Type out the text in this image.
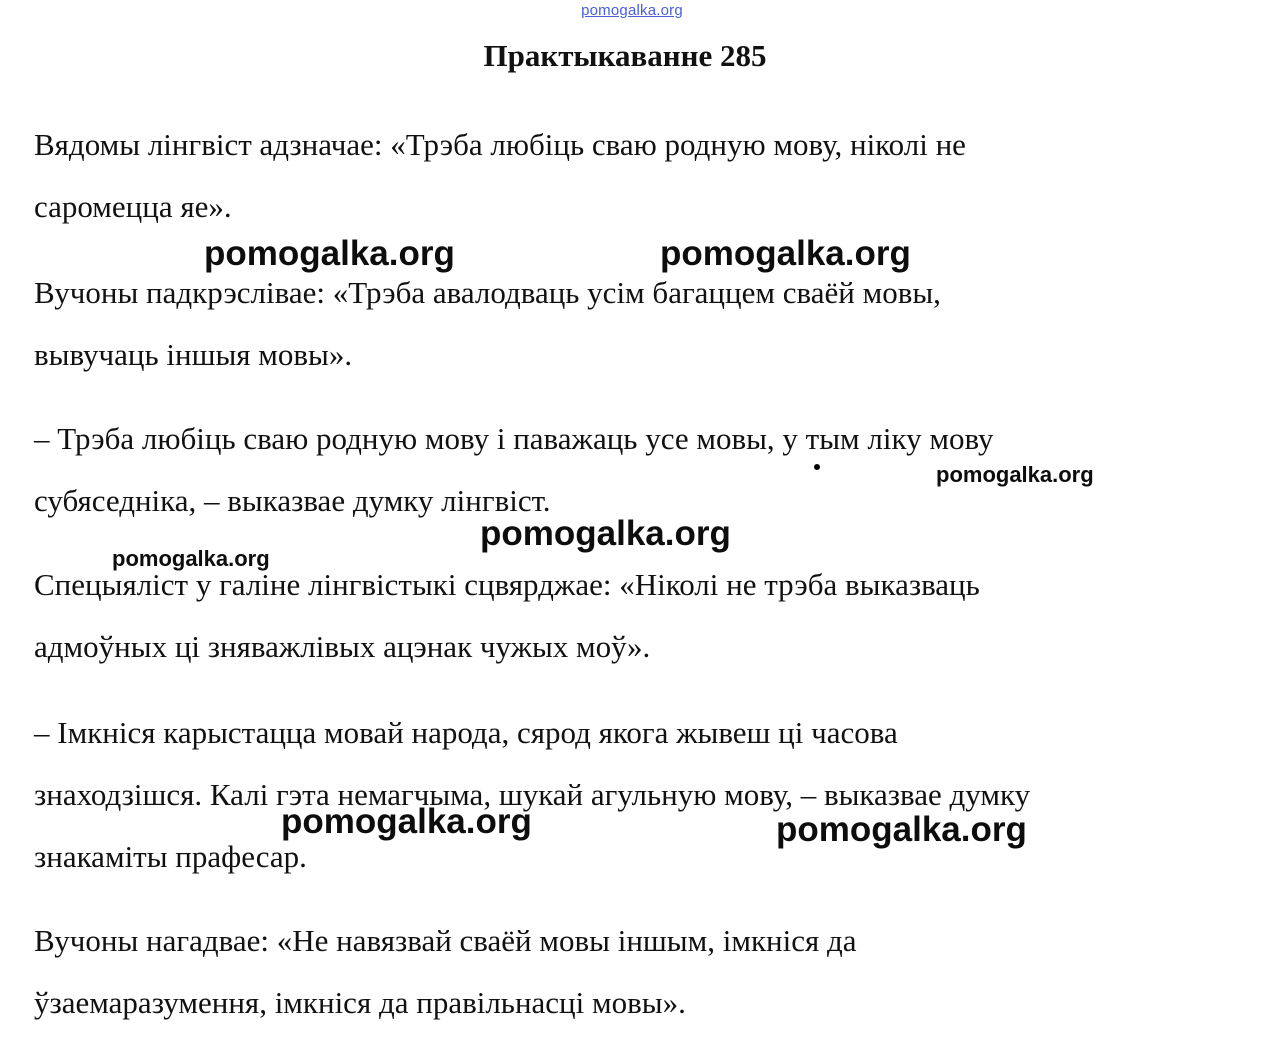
pomogalka.org
Практыкаванне 285

Вядомы лінгвіст адзначае: «Трэба любіць сваю родную мову, ніколі не
саромецца яе».

Вучоны падкрэслівае: «Трэба авалодваць усім багаццем сваёй мовы,
вывучаць іншыя мовы».

– Трэба любіць сваю родную мову і паважаць усе мовы, у тым ліку мову
субяседніка, – выказвае думку лінгвіст.

Спецыяліст у галіне лінгвістыкі сцвярджае: «Ніколі не трэба выказваць
адмоўных ці зняважлівых ацэнак чужых моў».

– Імкніся карыстацца мовай народа, сярод якога жывеш ці часова
знаходзішся. Калі гэта немагчыма, шукай агульную мову, – выказвае думку
знакаміты прафесар.

Вучоны нагадвае: «Не навязвай сваёй мовы іншым, імкніся да
ўзаемаразумення, імкніся да правільнасці мовы».

pomogalka.org	pomogalka.org
pomogalka.org
pomogalka.org
pomogalka.org
pomogalka.org	pomogalka.org
